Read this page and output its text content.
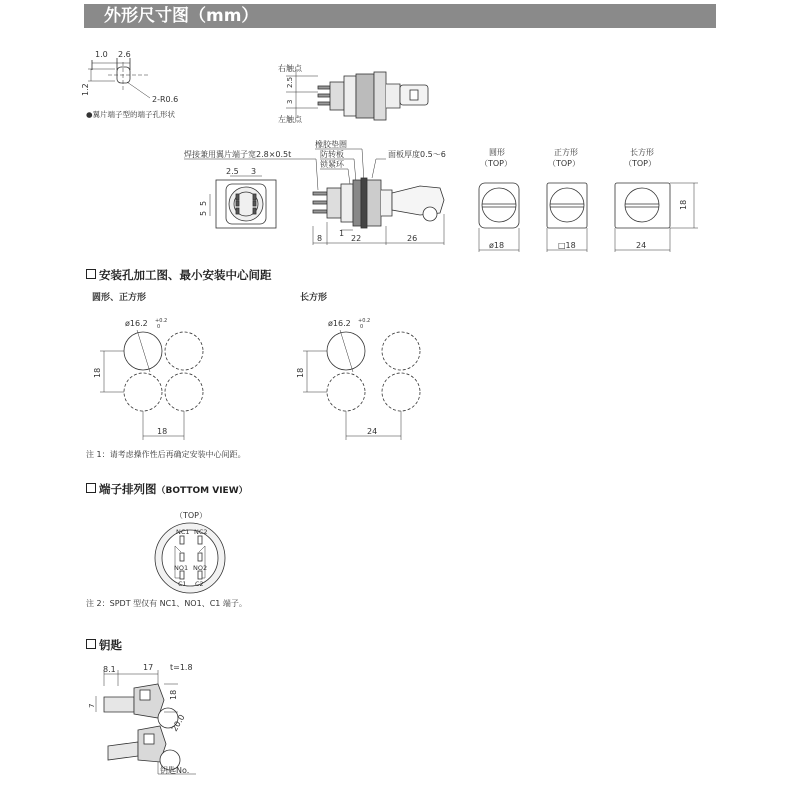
外形尺寸图（mm）
1.0 2.6
1.2
2-R0.6
●翼片端子型的端子孔形状
右触点
左触点
2.5
3
焊接兼用翼片端子宽2.8×0.5t
橡胶垫圈
防转板
锁紧环
面板厚度0.5～6
8
1
22	26
2.5 3
5
5
圆形
（TOP）
ø18
正方形
（TOP）
□18
长方形
（TOP）
24
18
ø16.2 +0.2
0
18
18
ø16.2 +0.2
0
18
24
（TOP）
NC1 NC2
NO1 NO2
C1 C2
8.1	17 t=1.8
7
18
20.0
钥匙No.
安装孔加工图、最小安装中心间距
圆形、正方形	长方形
注 1：请考虑操作性后再确定安装中心间距。
端子排列图（BOTTOM VIEW）
注 2：SPDT 型仅有 NC1、NO1、C1 端子。
钥匙
